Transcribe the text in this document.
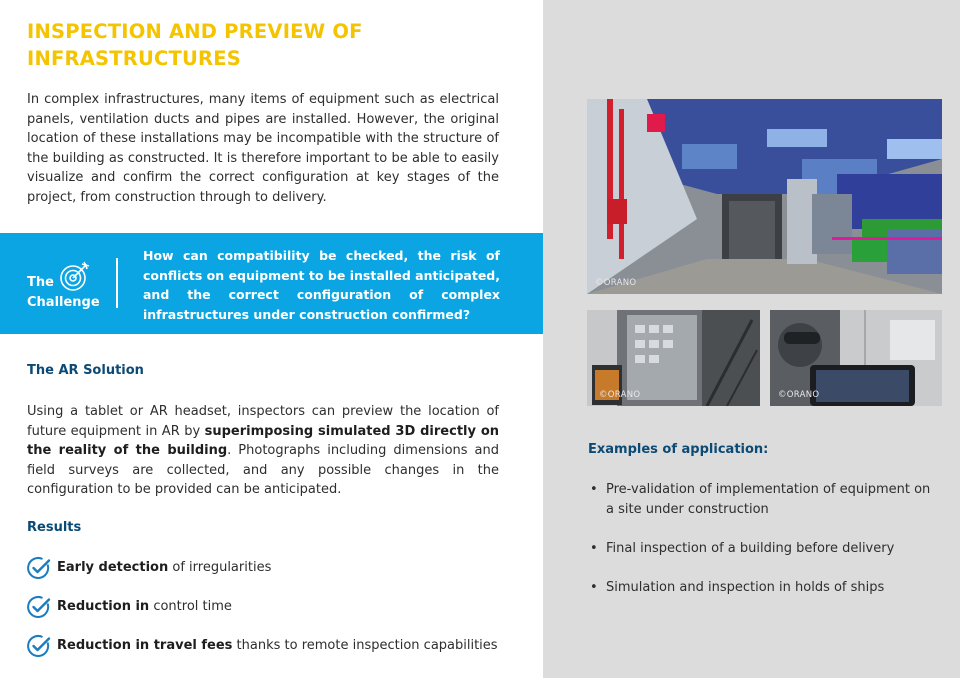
INSPECTION AND PREVIEW OF INFRASTRUCTURES

In complex infrastructures, many items of equipment such as electrical panels, ventilation ducts and pipes are installed. However, the original location of these installations may be incompatible with the structure of the building as constructed. It is therefore important to be able to easily visualize and confirm the correct configuration at key stages of the project, from construction through to delivery.

The
Challenge

How can compatibility be checked, the risk of conflicts on equipment to be installed anticipated, and the correct configuration of complex infrastructures under construction confirmed?

The AR Solution

Using a tablet or AR headset, inspectors can preview the location of future equipment in AR by superimposing simulated 3D directly on the reality of the building. Photographs including dimensions and field surveys are collected, and any possible changes in the configuration to be provided can be anticipated.

Results
Early detection of irregularities
Reduction in control time
Reduction in travel fees thanks to remote inspection capabilities
©ORANO
©ORANO	©ORANO
Examples of application:
• Pre-validation of implementation of equipment on a site under construction
• Final inspection of a building before delivery
• Simulation and inspection in holds of ships
